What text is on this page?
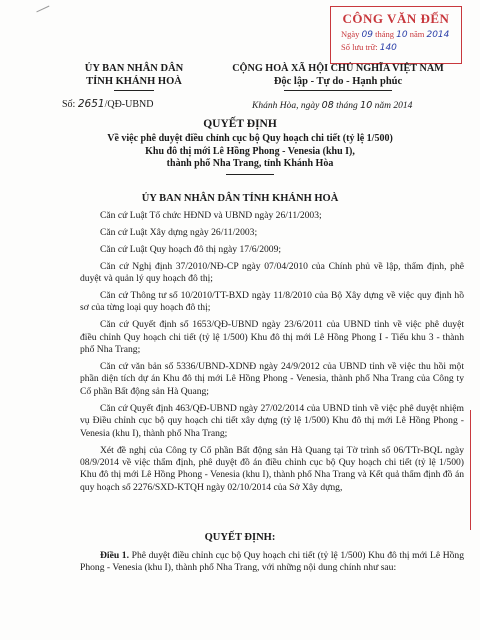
CÔNG VĂN ĐẾN
Ngày 09 tháng 10 năm 2014
Số lưu trữ: 140
ỦY BAN NHÂN DÂN
TỈNH KHÁNH HOÀ
CỘNG HOÀ XÃ HỘI CHỦ NGHĨA VIỆT NAM
Độc lập - Tự do - Hạnh phúc
Số: 2651/QĐ-UBND	Khánh Hòa, ngày 08 tháng 10 năm 2014
QUYẾT ĐỊNH
Về việc phê duyệt điều chỉnh cục bộ Quy hoạch chi tiết (tỷ lệ 1/500)
Khu đô thị mới Lê Hồng Phong - Venesia (khu I),
thành phố Nha Trang, tỉnh Khánh Hòa
ỦY BAN NHÂN DÂN TỈNH KHÁNH HOÀ

Căn cứ Luật Tổ chức HĐND và UBND ngày 26/11/2003;

Căn cứ Luật Xây dựng ngày 26/11/2003;

Căn cứ Luật Quy hoạch đô thị ngày 17/6/2009;

Căn cứ Nghị định 37/2010/NĐ-CP ngày 07/04/2010 của Chính phủ về lập, thẩm định, phê duyệt và quản lý quy hoạch đô thị;

Căn cứ Thông tư số 10/2010/TT-BXD ngày 11/8/2010 của Bộ Xây dựng về việc quy định hồ sơ của từng loại quy hoạch đô thị;

Căn cứ Quyết định số 1653/QĐ-UBND ngày 23/6/2011 của UBND tỉnh về việc phê duyệt điều chỉnh Quy hoạch chi tiết (tỷ lệ 1/500) Khu đô thị mới Lê Hồng Phong I - Tiểu khu 3 - thành phố Nha Trang;

Căn cứ văn bản số 5336/UBND-XDNĐ ngày 24/9/2012 của UBND tỉnh về việc thu hồi một phần diện tích dự án Khu đô thị mới Lê Hồng Phong - Venesia, thành phố Nha Trang của Công ty Cổ phần Bất động sản Hà Quang;

Căn cứ Quyết định 463/QĐ-UBND ngày 27/02/2014 của UBND tỉnh về việc phê duyệt nhiệm vụ Điều chỉnh cục bộ quy hoạch chi tiết xây dựng (tỷ lệ 1/500) Khu đô thị mới Lê Hồng Phong - Venesia (khu I), thành phố Nha Trang;

Xét đề nghị của Công ty Cổ phần Bất động sản Hà Quang tại Tờ trình số 06/TTr-BQL ngày 08/9/2014 về việc thẩm định, phê duyệt đồ án điều chỉnh cục bộ Quy hoạch chi tiết (tỷ lệ 1/500) Khu đô thị mới Lê Hồng Phong - Venesia (khu I), thành phố Nha Trang và Kết quả thẩm định đồ án quy hoạch số 2276/SXD-KTQH ngày 02/10/2014 của Sở Xây dựng,

QUYẾT ĐỊNH:
Điều 1. Phê duyệt điều chỉnh cục bộ Quy hoạch chi tiết (tỷ lệ 1/500) Khu đô thị mới Lê Hồng Phong - Venesia (khu I), thành phố Nha Trang, với những nội dung chính như sau:
